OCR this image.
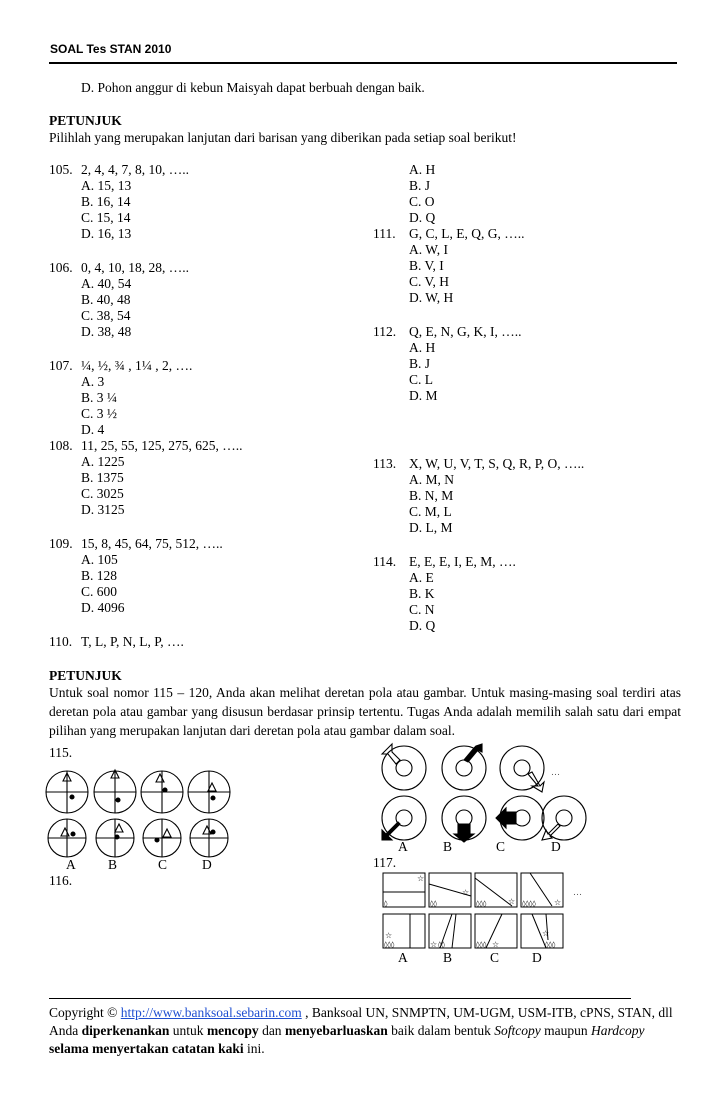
SOAL Tes STAN 2010
D. Pohon anggur di kebun Maisyah dapat berbuah dengan baik.
PETUNJUK
Pilihlah yang merupakan lanjutan dari barisan yang diberikan pada setiap soal berikut!
105. 2, 4, 4, 7, 8, 10, …..
A. 15, 13
B. 16, 14
C. 15, 14
D. 16, 13
106. 0, 4, 10, 18, 28, …..
A. 40, 54
B. 40, 48
C. 38, 54
D. 38, 48
107. ¼, ½, ¾ , 1¼ , 2, ….
A. 3
B. 3 ¼
C. 3 ½
D. 4
108. 11, 25, 55, 125, 275, 625, …..
A. 1225
B. 1375
C. 3025
D. 3125
109. 15, 8, 45, 64, 75, 512, …..
A. 105
B. 128
C. 600
D. 4096
110. T, L, P, N, L, P, ….
A. H
B. J
C. O
D. Q
111. G, C, L, E, Q, G, …..
A. W, I
B. V, I
C. V, H
D. W, H
112. Q, E, N, G, K, I, …..
A. H
B. J
C. L
D. M
113. X, W, U, V, T, S, Q, R, P, O, …..
A. M, N
B. N, M
C. M, L
D. L, M
114. E, E, E, I, E, M, ….
A. E
B. K
C. N
D. Q
PETUNJUK
Untuk soal nomor 115 – 120, Anda akan melihat deretan pola atau gambar. Untuk masing-masing soal terdiri atas deretan pola atau gambar yang disusun berdasar prinsip tertentu. Tugas Anda adalah memilih salah satu dari empat pilihan yang merupakan lanjutan dari deretan pola atau gambar dalam soal.
115.
A B	C	D
116.
…
A	B	C	D
117.
☆
◊
☆
◊◊	☆
◊◊◊	☆
◊◊◊◊
☆
◊◊◊	☆ ◊◊	◊◊◊ ☆	◊◊◊
☆
…
A	B	C D
Copyright © http://www.banksoal.sebarin.com , Banksoal UN, SNMPTN, UM-UGM, USM-ITB, cPNS, STAN, dll Anda diperkenankan untuk mencopy dan menyebarluaskan baik dalam bentuk Softcopy maupun Hardcopy selama menyertakan catatan kaki ini.
